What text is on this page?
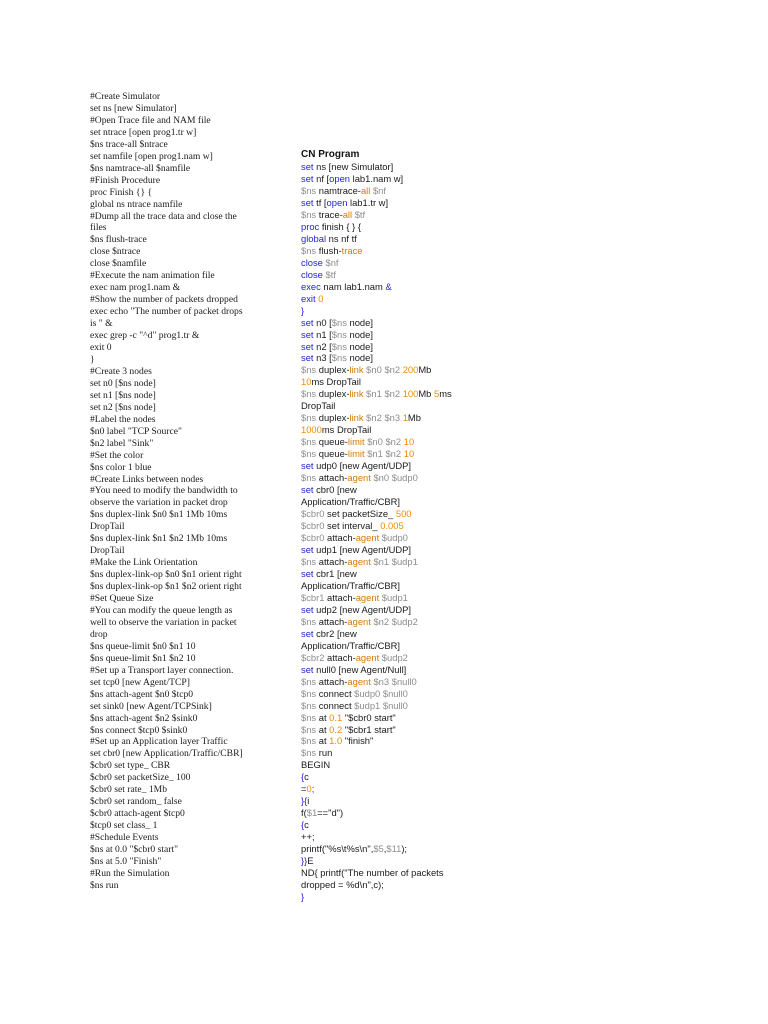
#Create Simulator
set ns [new Simulator]
#Open Trace file and NAM file
set ntrace [open prog1.tr w]
$ns trace-all $ntrace
set namfile [open prog1.nam w]
$ns namtrace-all $namfile
#Finish Procedure
proc Finish {} {
global ns ntrace namfile
#Dump all the trace data and close the
files
$ns flush-trace
close $ntrace
close $namfile
#Execute the nam animation file
exec nam prog1.nam &
#Show the number of packets dropped
exec echo "The number of packet drops
is " &
exec grep -c "^d" prog1.tr &
exit 0
}
#Create 3 nodes
set n0 [$ns node]
set n1 [$ns node]
set n2 [$ns node]
#Label the nodes
$n0 label "TCP Source"
$n2 label "Sink"
#Set the color
$ns color 1 blue
#Create Links between nodes
#You need to modify the bandwidth to
observe the variation in packet drop
$ns duplex-link $n0 $n1 1Mb 10ms
DropTail
$ns duplex-link $n1 $n2 1Mb 10ms
DropTail
#Make the Link Orientation
$ns duplex-link-op $n0 $n1 orient right
$ns duplex-link-op $n1 $n2 orient right
#Set Queue Size
#You can modify the queue length as
well to observe the variation in packet
drop
$ns queue-limit $n0 $n1 10
$ns queue-limit $n1 $n2 10
#Set up a Transport layer connection.
set tcp0 [new Agent/TCP]
$ns attach-agent $n0 $tcp0
set sink0 [new Agent/TCPSink]
$ns attach-agent $n2 $sink0
$ns connect $tcp0 $sink0
#Set up an Application layer Traffic
set cbr0 [new Application/Traffic/CBR]
$cbr0 set type_ CBR
$cbr0 set packetSize_ 100
$cbr0 set rate_ 1Mb
$cbr0 set random_ false
$cbr0 attach-agent $tcp0
$tcp0 set class_ 1
#Schedule Events
$ns at 0.0 "$cbr0 start"
$ns at 5.0 "Finish"
#Run the Simulation
$ns run
CN Program
set ns [new Simulator]
set nf [open lab1.nam w]
$ns namtrace-all $nf
set tf [open lab1.tr w]
$ns trace-all $tf
proc finish { } {
global ns nf tf
$ns flush-trace
close $nf
close $tf
exec nam lab1.nam &
exit 0
}
set n0 [$ns node]
set n1 [$ns node]
set n2 [$ns node]
set n3 [$ns node]
$ns duplex-link $n0 $n2 200Mb
10ms DropTail
$ns duplex-link $n1 $n2 100Mb 5ms
DropTail
$ns duplex-link $n2 $n3 1Mb
1000ms DropTail
$ns queue-limit $n0 $n2 10
$ns queue-limit $n1 $n2 10
set udp0 [new Agent/UDP]
$ns attach-agent $n0 $udp0
set cbr0 [new
Application/Traffic/CBR]
$cbr0 set packetSize_ 500
$cbr0 set interval_ 0.005
$cbr0 attach-agent $udp0
set udp1 [new Agent/UDP]
$ns attach-agent $n1 $udp1
set cbr1 [new
Application/Traffic/CBR]
$cbr1 attach-agent $udp1
set udp2 [new Agent/UDP]
$ns attach-agent $n2 $udp2
set cbr2 [new
Application/Traffic/CBR]
$cbr2 attach-agent $udp2
set null0 [new Agent/Null]
$ns attach-agent $n3 $null0
$ns connect $udp0 $null0
$ns connect $udp1 $null0
$ns at 0.1 "$cbr0 start"
$ns at 0.2 "$cbr1 start"
$ns at 1.0 "finish"
$ns run
BEGIN
{c
=0;
}{i
f($1=="d")
{c
++;
printf("%s\t%s\n",$5,$11);
}}E
ND{ printf("The number of packets
dropped = %d\n",c);
}
